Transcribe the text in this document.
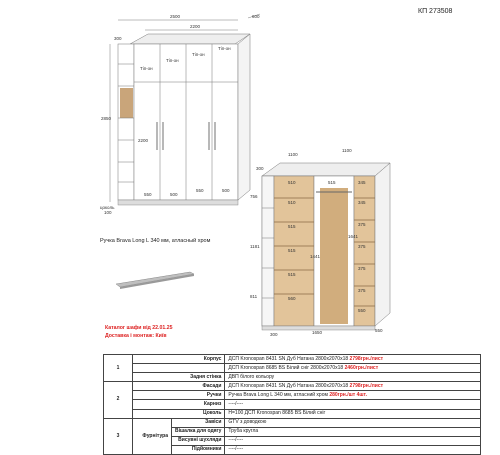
КП 273508
2500	600
2200
300
Тіп-он
Тіп-он
Тіп-он
Тіп-он
2850
цоколь
100
2200
550	500
550	500
1100
1100
300
510	515	345
510
515
515
345
515
375
375
375
375
560
550
756
1181
811
1441
1641
300	1650	550
Ручка Brava Long L 340 мм, атласный хром
Каталог шафи від 22.01.25
Доставка і монтаж: Київ
1	Корпус		ДСП Kronospan 8431 SN Дуб Натана 2800х2070х18 2798грн./лист
			ДСП Kronospan 8685 BS Білий сніг 2800х2070х18 2460грн./лист
	Задня стінка		ДВП білого кольору
2	Фасади		ДСП Kronospan 8431 SN Дуб Натана 2800х2070х18 2798грн./лист
	Ручки		Ручка Brava Long L 340 мм, атласний хром 280грн./шт 4шт.
	Карниз		----/----
	Цоколь		Н=100 ДСП Kronospan 8685 BS Білий сніг
3	Фурнітура	Завіси	GTV з доводкою
		Вішалка для одягу	Труба кругла
		Висувні шухляди	----/----
		Підйомники	----/----
